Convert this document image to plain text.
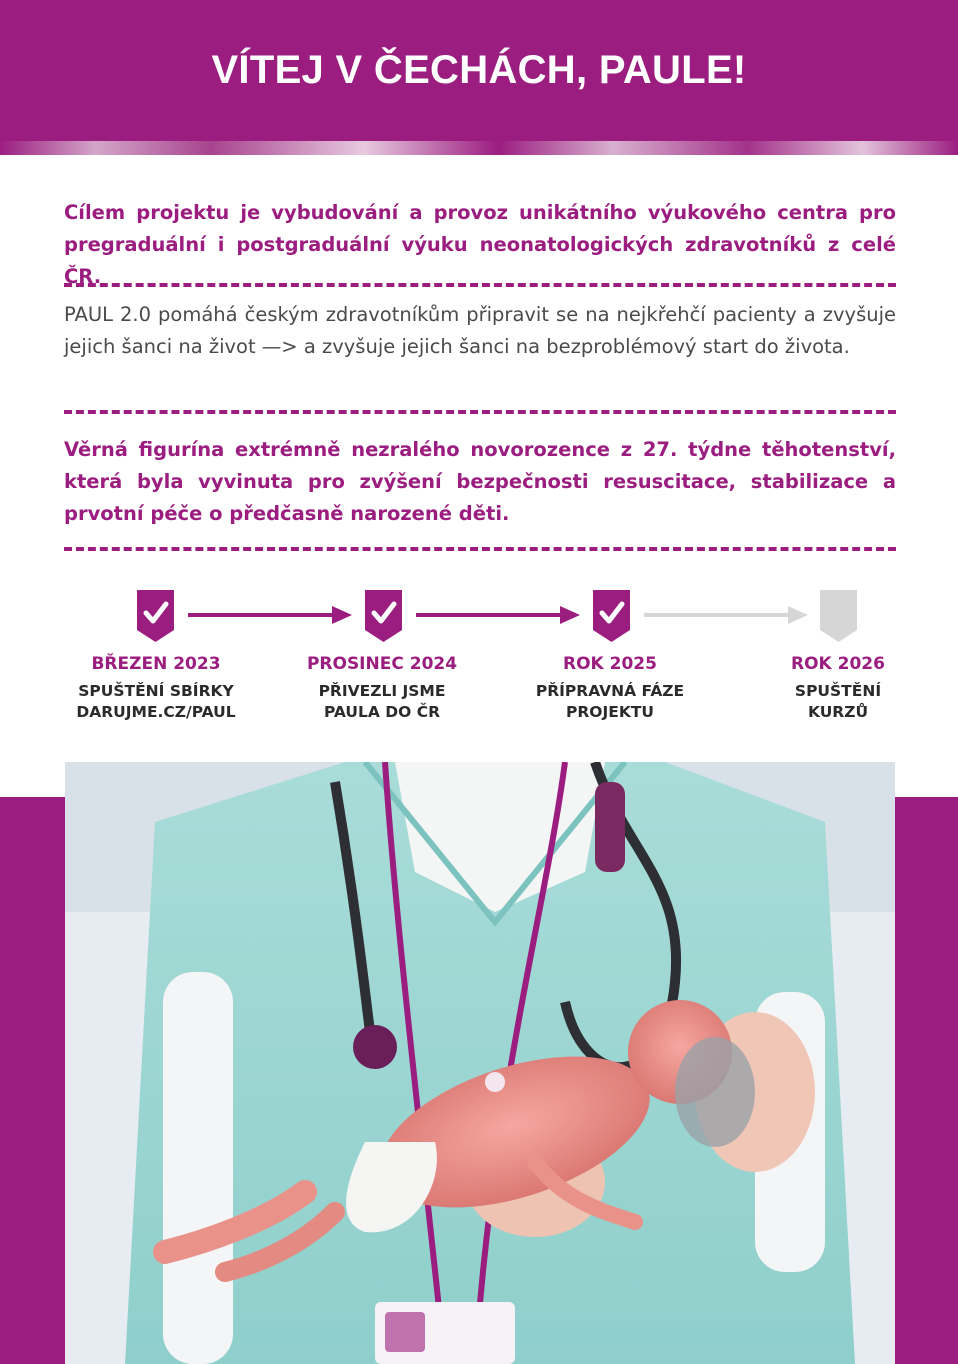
VÍTEJ V ČECHÁCH, PAULE!

Cílem projektu je vybudování a provoz unikátního výukového centra pro pregraduální i postgraduální výuku neonatologických zdravotníků z celé ČR.

PAUL 2.0 pomáhá českým zdravotníkům připravit se na nejkřehčí pacienty a zvyšuje jejich šanci na život —> a zvyšuje jejich šanci na bezproblémový start do života.

Věrná figurína extrémně nezralého novorozence z 27. týdne těhotenství, která byla vyvinuta pro zvýšení bezpečnosti resuscitace, stabilizace a prvotní péče o předčasně narozené děti.

BŘEZEN 2023
SPUŠTĚNÍ SBÍRKY
DARUJME.CZ/PAUL
PROSINEC 2024
PŘIVEZLI JSME
PAULA DO ČR
ROK 2025
PŘÍPRAVNÁ FÁZE
PROJEKTU
ROK 2026
SPUŠTĚNÍ
KURZŮ
